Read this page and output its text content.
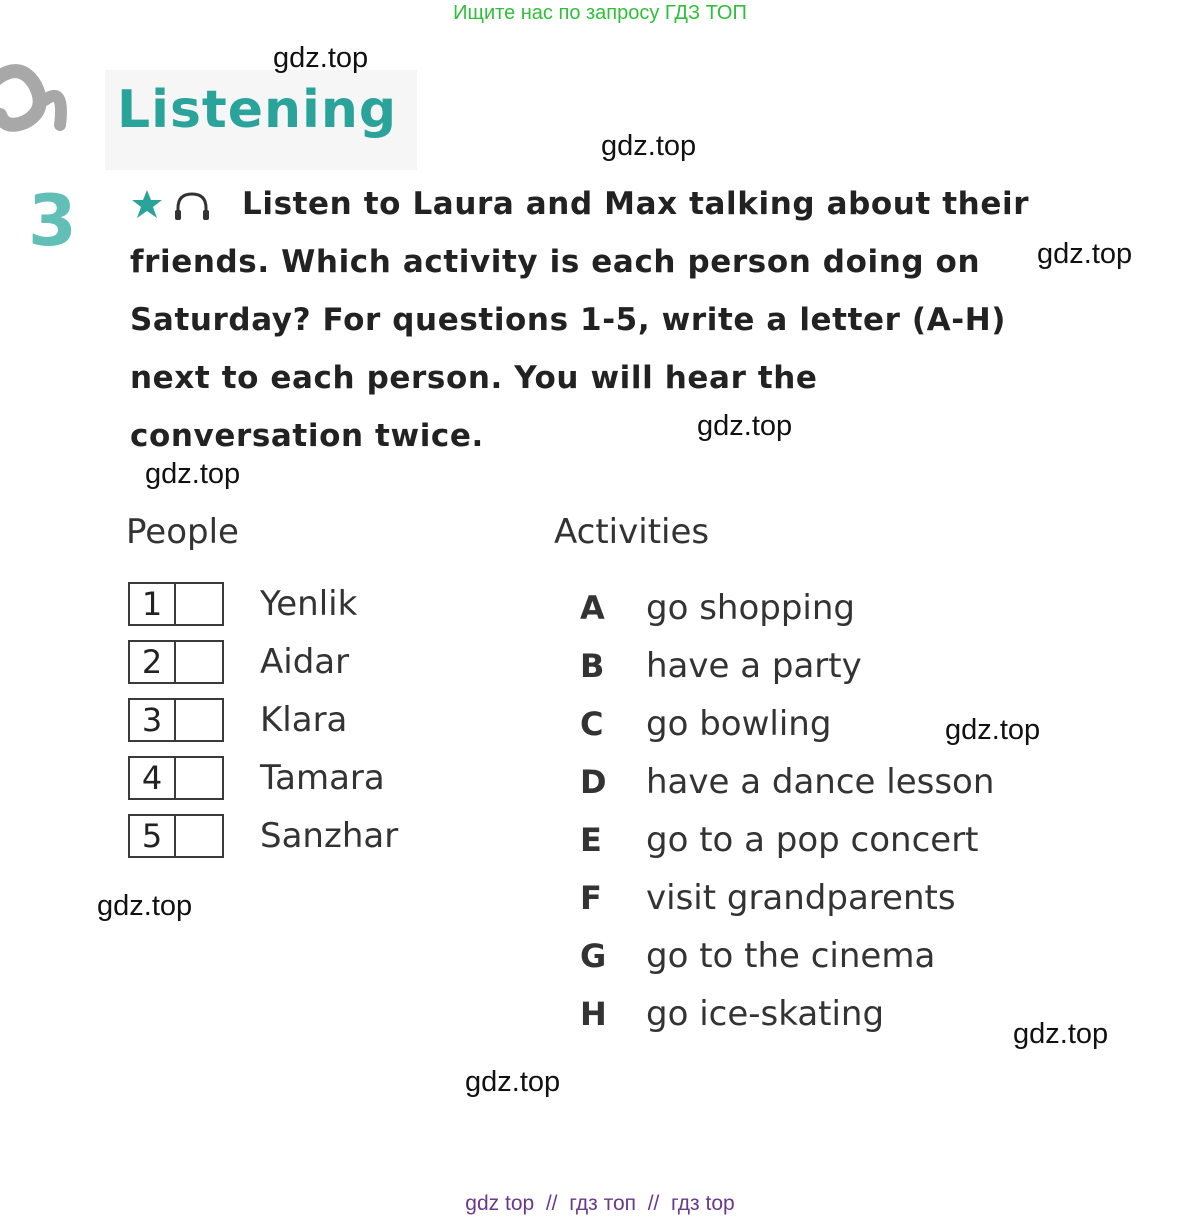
Ищите нас по запросу ГДЗ ТОП
Listening
3	Listen to Laura and Max talking about their
friends. Which activity is each person doing on
Saturday? For questions 1-5, write a letter (A-H)
next to each person. You will hear the
conversation twice.
People	Activities
1	Yenlik
2	Aidar
3	Klara
4	Tamara
5	Sanzhar
A go shopping
B have a party
C go bowling
D have a dance lesson
E go to a pop concert
F visit grandparents
G go to the cinema
H go ice-skating
gdz.top
gdz.top
gdz.top
gdz.top
gdz.top
gdz.top
gdz.top
gdz.top
gdz.top
gdz top  //  гдз топ  //  гдз top
